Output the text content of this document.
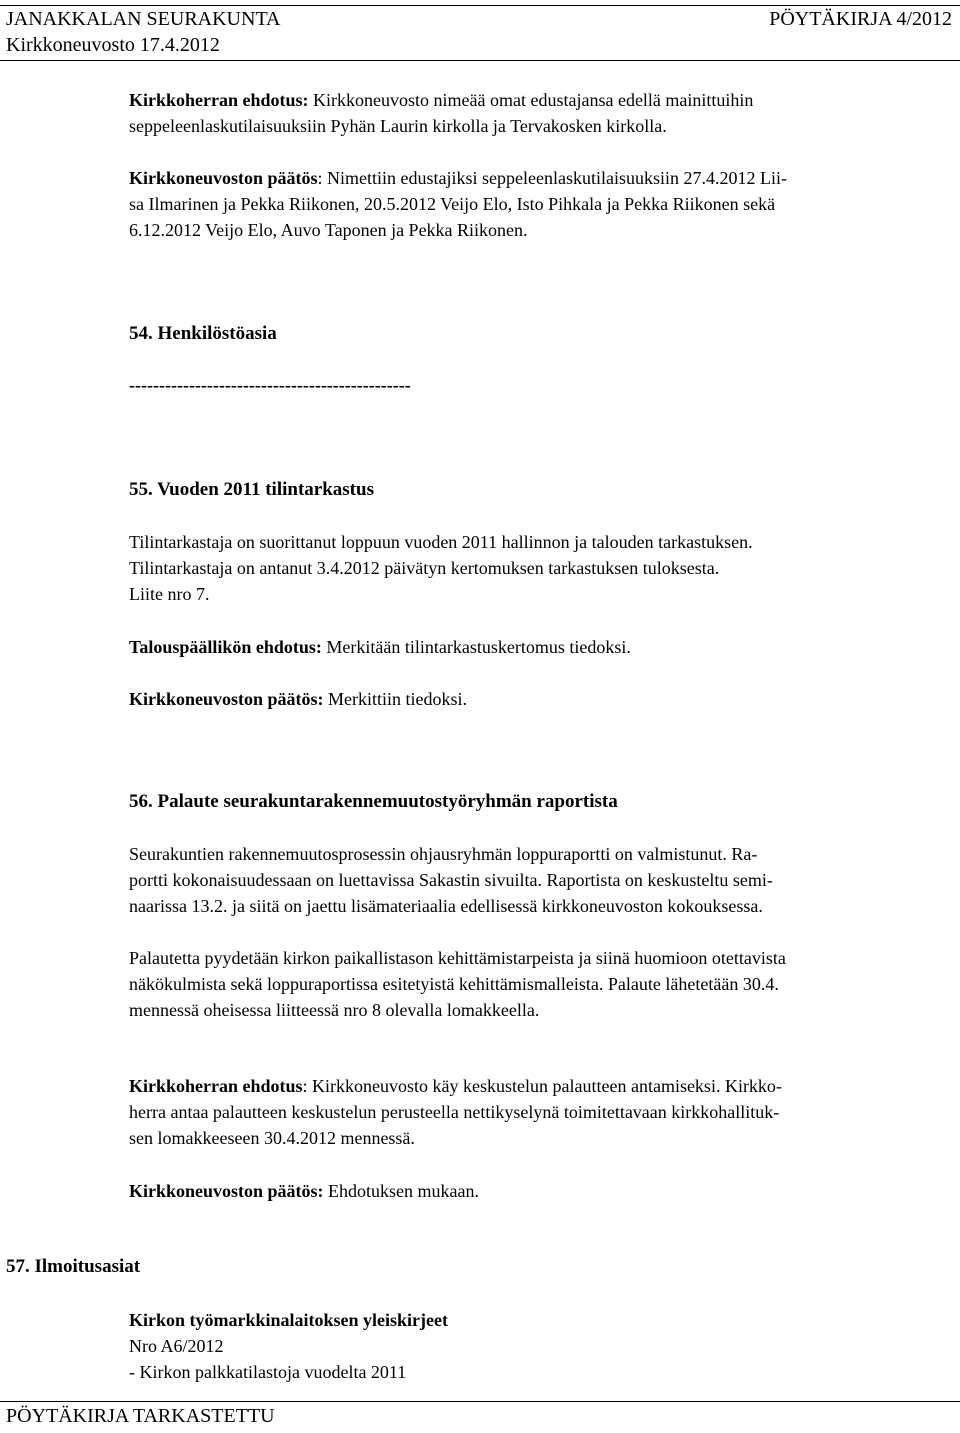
JANAKKALAN SEURAKUNTA	PÖYTÄKIRJA 4/2012
Kirkkoneuvosto 17.4.2012
Kirkkoherran ehdotus: Kirkkoneuvosto nimeää omat edustajansa edellä mainittuihin
seppeleenlaskutilaisuuksiin Pyhän Laurin kirkolla ja Tervakosken kirkolla.
Kirkkoneuvoston päätös: Nimettiin edustajiksi seppeleenlaskutilaisuuksiin 27.4.2012 Lii-
sa Ilmarinen ja Pekka Riikonen, 20.5.2012 Veijo Elo, Isto Pihkala ja Pekka Riikonen sekä
6.12.2012 Veijo Elo, Auvo Taponen ja Pekka Riikonen.
54. Henkilöstöasia
-----------------------------------------------
55. Vuoden 2011 tilintarkastus
Tilintarkastaja on suorittanut loppuun vuoden 2011 hallinnon ja talouden tarkastuksen.
Tilintarkastaja on antanut 3.4.2012 päivätyn kertomuksen tarkastuksen tuloksesta.
Liite nro 7.
Talouspäällikön ehdotus: Merkitään tilintarkastuskertomus tiedoksi.
Kirkkoneuvoston päätös: Merkittiin tiedoksi.
56. Palaute seurakuntarakennemuutostyöryhmän raportista
Seurakuntien rakennemuutosprosessin ohjausryhmän loppuraportti on valmistunut. Ra-
portti kokonaisuudessaan on luettavissa Sakastin sivuilta. Raportista on keskusteltu semi-
naarissa 13.2. ja siitä on jaettu lisämateriaalia edellisessä kirkkoneuvoston kokouksessa.
Palautetta pyydetään kirkon paikallistason kehittämistarpeista ja siinä huomioon otettavista
näkökulmista sekä loppuraportissa esitetyistä kehittämismalleista. Palaute lähetetään 30.4.
mennessä oheisessa liitteessä nro 8 olevalla lomakkeella.
Kirkkoherran ehdotus: Kirkkoneuvosto käy keskustelun palautteen antamiseksi. Kirkko-
herra antaa palautteen keskustelun perusteella nettikyselynä toimitettavaan kirkkohallituk-
sen lomakkeeseen 30.4.2012 mennessä.
Kirkkoneuvoston päätös: Ehdotuksen mukaan.
57. Ilmoitusasiat
Kirkon työmarkkinalaitoksen yleiskirjeet
Nro A6/2012
- Kirkon palkkatilastoja vuodelta 2011
PÖYTÄKIRJA TARKASTETTU
